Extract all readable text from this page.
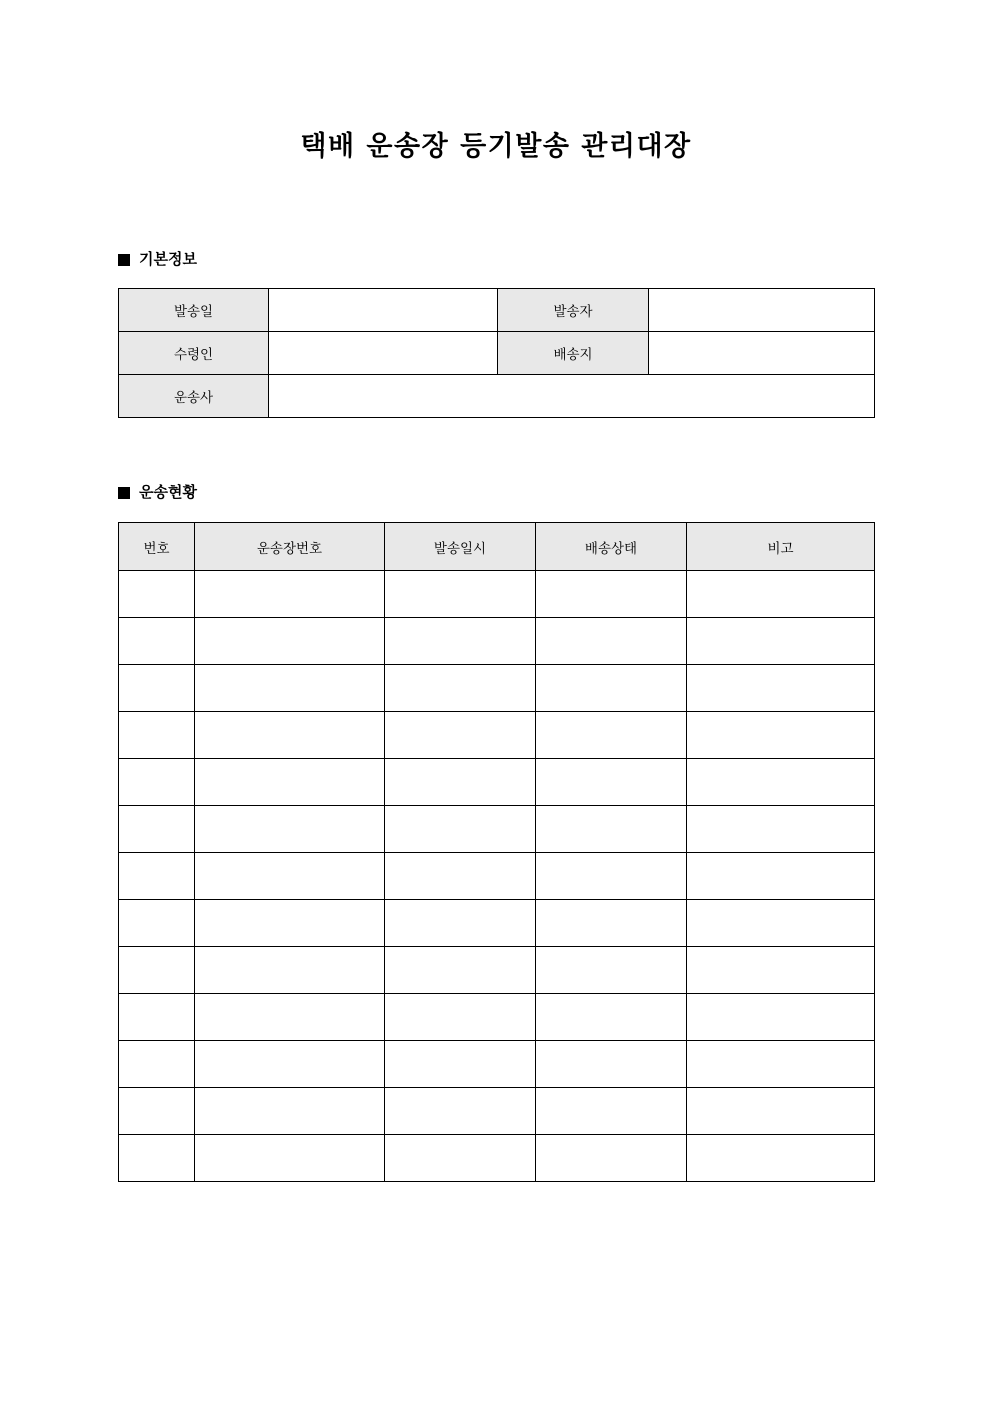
택배 운송장 등기발송 관리대장
기본정보
발송일		발송자	
수령인		배송지	
운송사			
운송현황
번호	운송장번호	발송일시	배송상태	비고
